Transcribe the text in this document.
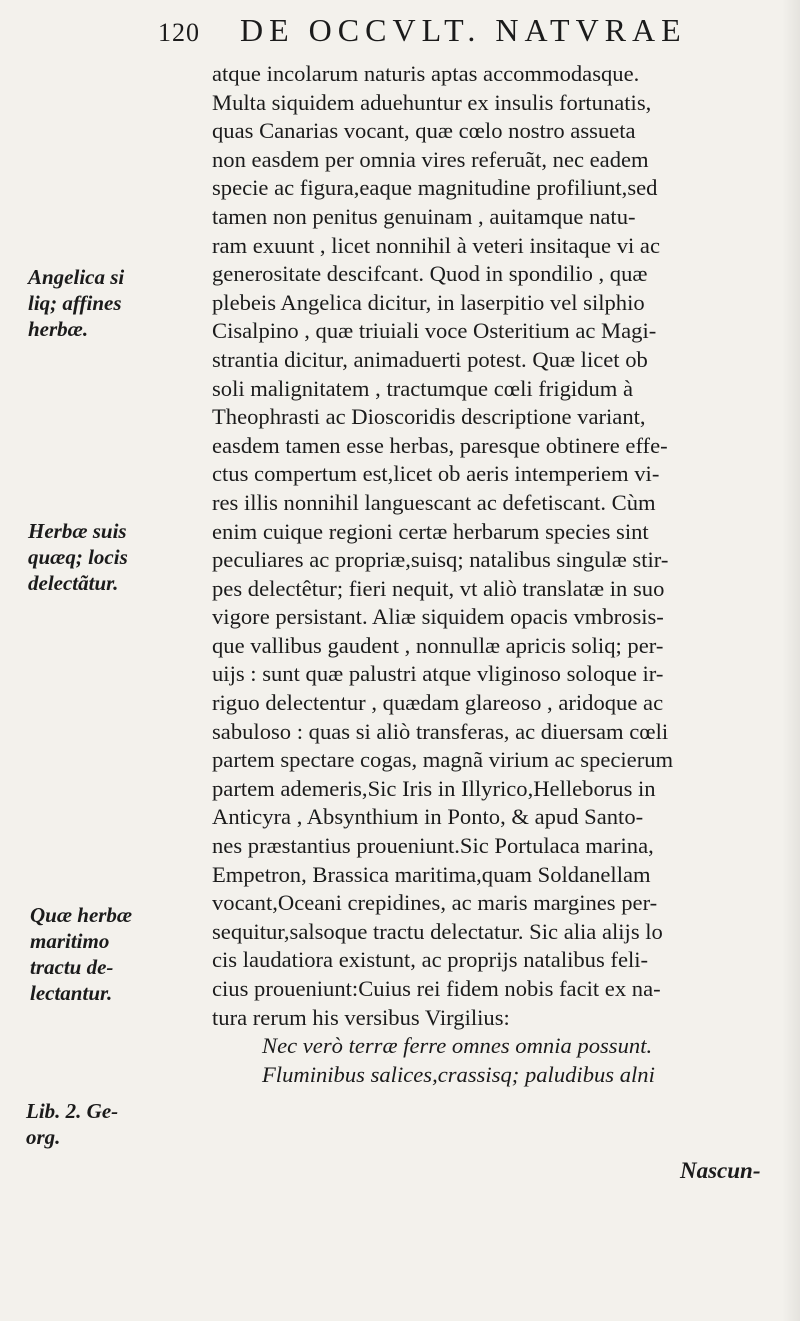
120 DE OCCVLT. NATVRAE
atque incolarum naturis aptas accommodasque.
Multa siquidem aduehuntur ex insulis fortunatis,
quas Canarias vocant, quæ cœlo nostro assueta
non easdem per omnia vires referuãt, nec eadem
specie ac figura,eaque magnitudine profiliunt,sed
tamen non penitus genuinam , auitamque natu-
ram exuunt , licet nonnihil à veteri insitaque vi ac
generositate descifcant. Quod in spondilio , quæ
plebeis Angelica dicitur, in laserpitio vel silphio
Cisalpino , quæ triuiali voce Osteritium ac Magi-
strantia dicitur, animaduerti potest. Quæ licet ob
soli malignitatem , tractumque cœli frigidum à
Theophrasti ac Dioscoridis descriptione variant,
easdem tamen esse herbas, paresque obtinere effe-
ctus compertum est,licet ob aeris intemperiem vi-
res illis nonnihil languescant ac defetiscant. Cùm
enim cuique regioni certæ herbarum species sint
peculiares ac propriæ,suisq; natalibus singulæ stir-
pes delectêtur; fieri nequit, vt aliò translatæ in suo
vigore persistant. Aliæ siquidem opacis vmbrosis-
que vallibus gaudent , nonnullæ apricis soliq; per-
uijs : sunt quæ palustri atque vliginoso soloque ir-
riguo delectentur , quædam glareoso , aridoque ac
sabuloso : quas si aliò transferas, ac diuersam cœli
partem spectare cogas, magnã virium ac specierum
partem ademeris,Sic Iris in Illyrico,Helleborus in
Anticyra , Absynthium in Ponto, & apud Santo-
nes præstantius proueniunt.Sic Portulaca marina,
Empetron, Brassica maritima,quam Soldanellam
vocant,Oceani crepidines, ac maris margines per-
sequitur,salsoque tractu delectatur. Sic alia alijs lo
cis laudatiora existunt, ac proprijs natalibus feli-
cius proueniunt:Cuius rei fidem nobis facit ex na-
tura rerum his versibus Virgilius:
Nec verò terræ ferre omnes omnia possunt.
Fluminibus salices,crassisq; paludibus alni
Angelica si
liq; affines
herbæ.
Herbæ suis
quæq; locis
delectãtur.
Quæ herbæ
maritimo
tractu de-
lectantur.
Lib. 2. Ge-
org.
Nascun-
